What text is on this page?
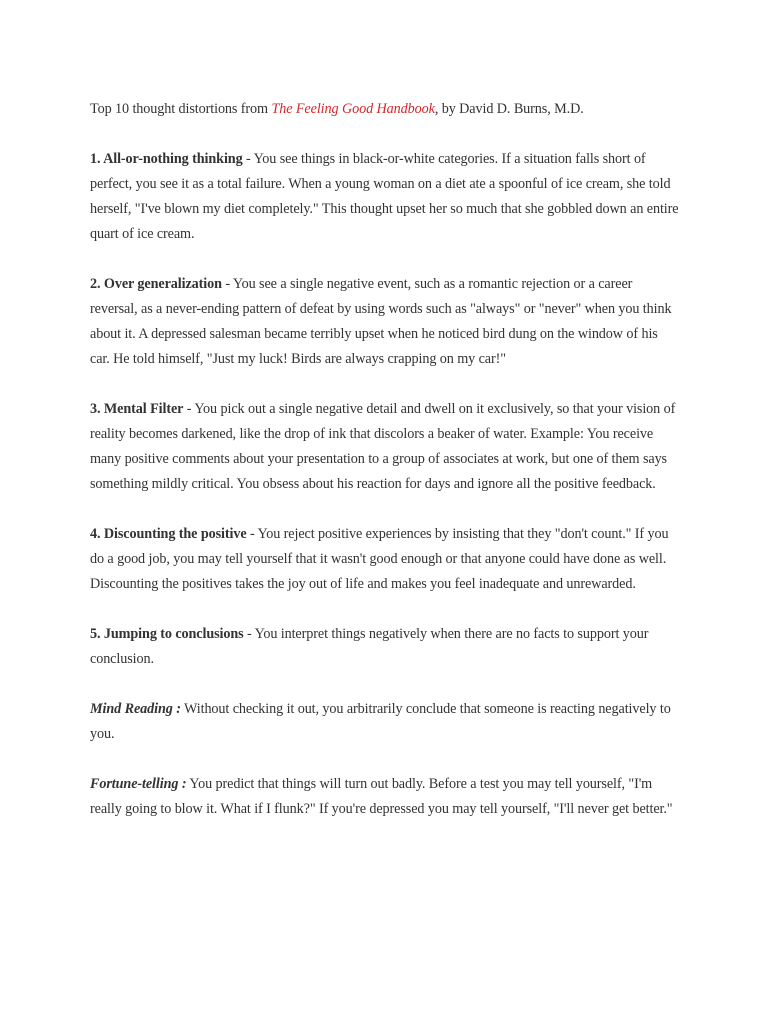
Top 10 thought distortions from The Feeling Good Handbook, by David D. Burns, M.D.

1. All-or-nothing thinking - You see things in black-or-white categories. If a situation falls short of perfect, you see it as a total failure. When a young woman on a diet ate a spoonful of ice cream, she told herself, "I've blown my diet completely." This thought upset her so much that she gobbled down an entire quart of ice cream.

2. Over generalization - You see a single negative event, such as a romantic rejection or a career reversal, as a never-ending pattern of defeat by using words such as "always" or "never" when you think about it. A depressed salesman became terribly upset when he noticed bird dung on the window of his car. He told himself, "Just my luck! Birds are always crapping on my car!"

3. Mental Filter - You pick out a single negative detail and dwell on it exclusively, so that your vision of reality becomes darkened, like the drop of ink that discolors a beaker of water. Example: You receive many positive comments about your presentation to a group of associates at work, but one of them says something mildly critical. You obsess about his reaction for days and ignore all the positive feedback.

4. Discounting the positive - You reject positive experiences by insisting that they "don't count." If you do a good job, you may tell yourself that it wasn't good enough or that anyone could have done as well. Discounting the positives takes the joy out of life and makes you feel inadequate and unrewarded.

5. Jumping to conclusions - You interpret things negatively when there are no facts to support your conclusion.

Mind Reading : Without checking it out, you arbitrarily conclude that someone is reacting negatively to you.

Fortune-telling : You predict that things will turn out badly. Before a test you may tell yourself, "I'm really going to blow it. What if I flunk?" If you're depressed you may tell yourself, "I'll never get better."
